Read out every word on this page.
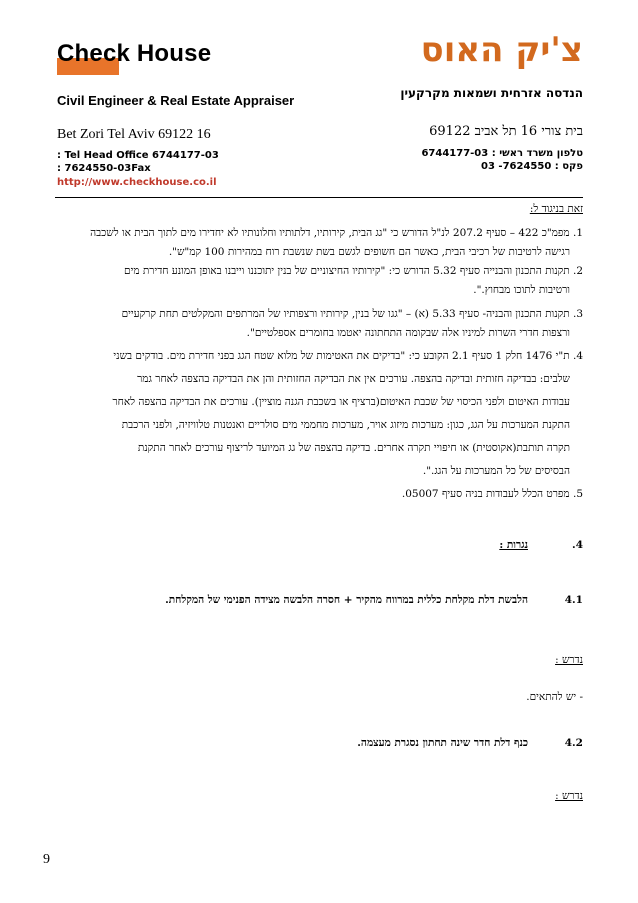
Check House	צ'יק האוס
Civil Engineer & Real Estate Appraiser	הנדסה אזרחית ושמאות מקרקעין
Bet Zori Tel Aviv 69122 16	בית צורי 16 תל אביב 69122
: Tel Head Office 6744177-03
: 7624550-03Fax
http://www.checkhouse.co.il
טלפון משרד ראשי : 6744177-03
פקס : 7624550- 03
זאת בניגוד ל:
1. מפמ"כ 422 – סעיף 207.2 לנ"ל הדורש כי "גג הבית, קירותיו, דלתותיו וחלונותיו לא יחדירו מים לתוך הבית או לשכבה
רגישה לרטיבות של רכיבי הבית, כאשר הם חשופים לגשם בשת שנשבת רוח במהירות 100 קמ"ש".
2. תקנות התכנון והבנייה סעיף 5.32 הדורש כי: "קירותיו החיצוניים של בנין יתוכננו וייבנו באופן המונע חדירת מים
ורטיבות לתוכו מבחוץ.".
3. תקנות התכנון והבניה- סעיף 5.33 (א) – "גגו של בנין, קירותיו ורצפותיו של המרתפים והמקלטים תחת קרקעיים
ורצפות חדרי השרות למיניו אלה שבקומה התחתונה יאטמו בחומרים אספלטיים".
4. ת"י 1476 חלק 1 סעיף 2.1 הקובע כי: "בדיקים את האטימות של מלוא שטח הגג בפני חדירת מים. בודקים בשני
שלבים: בבדיקה חזותית ובדיקה בהצפה. עורכים אין את הבדיקה החזותית והן את הבדיקה בהצפה לאחר גמר
עבודות האיטום ולפני הכיסוי של שכבת האיטום(ברציף או בשכבת הגנה מוציין). עורכים את הבדיקה בהצפה לאחר
התקנת המערכות על הגג, כגון: מערכות מיזוג אויר, מערכות מחממי מים סולריים ואנטנות טלוויזיה, ולפני הרכבת
תקרה תותבת(אקוסטית) או חיפויי תקרה אחרים. בדיקה בהצפה של גג המיועד לריצוף עורכים לאחר התקנת
הבסיסים של כל המערכות על הגג.".
5. מפרט הכלל לעבודות בניה סעיף 05007.
4.
נגרות :
4.1
הלבשת דלת מקלחת כללית במרווח מהקיר + חסרה הלבשה מצידה הפנימי של המקלחת.
נדרש :
- יש להתאים.
4.2
כנף דלת חדר שינה תחתון נסגרת מעצמה.
נדרש :
9
